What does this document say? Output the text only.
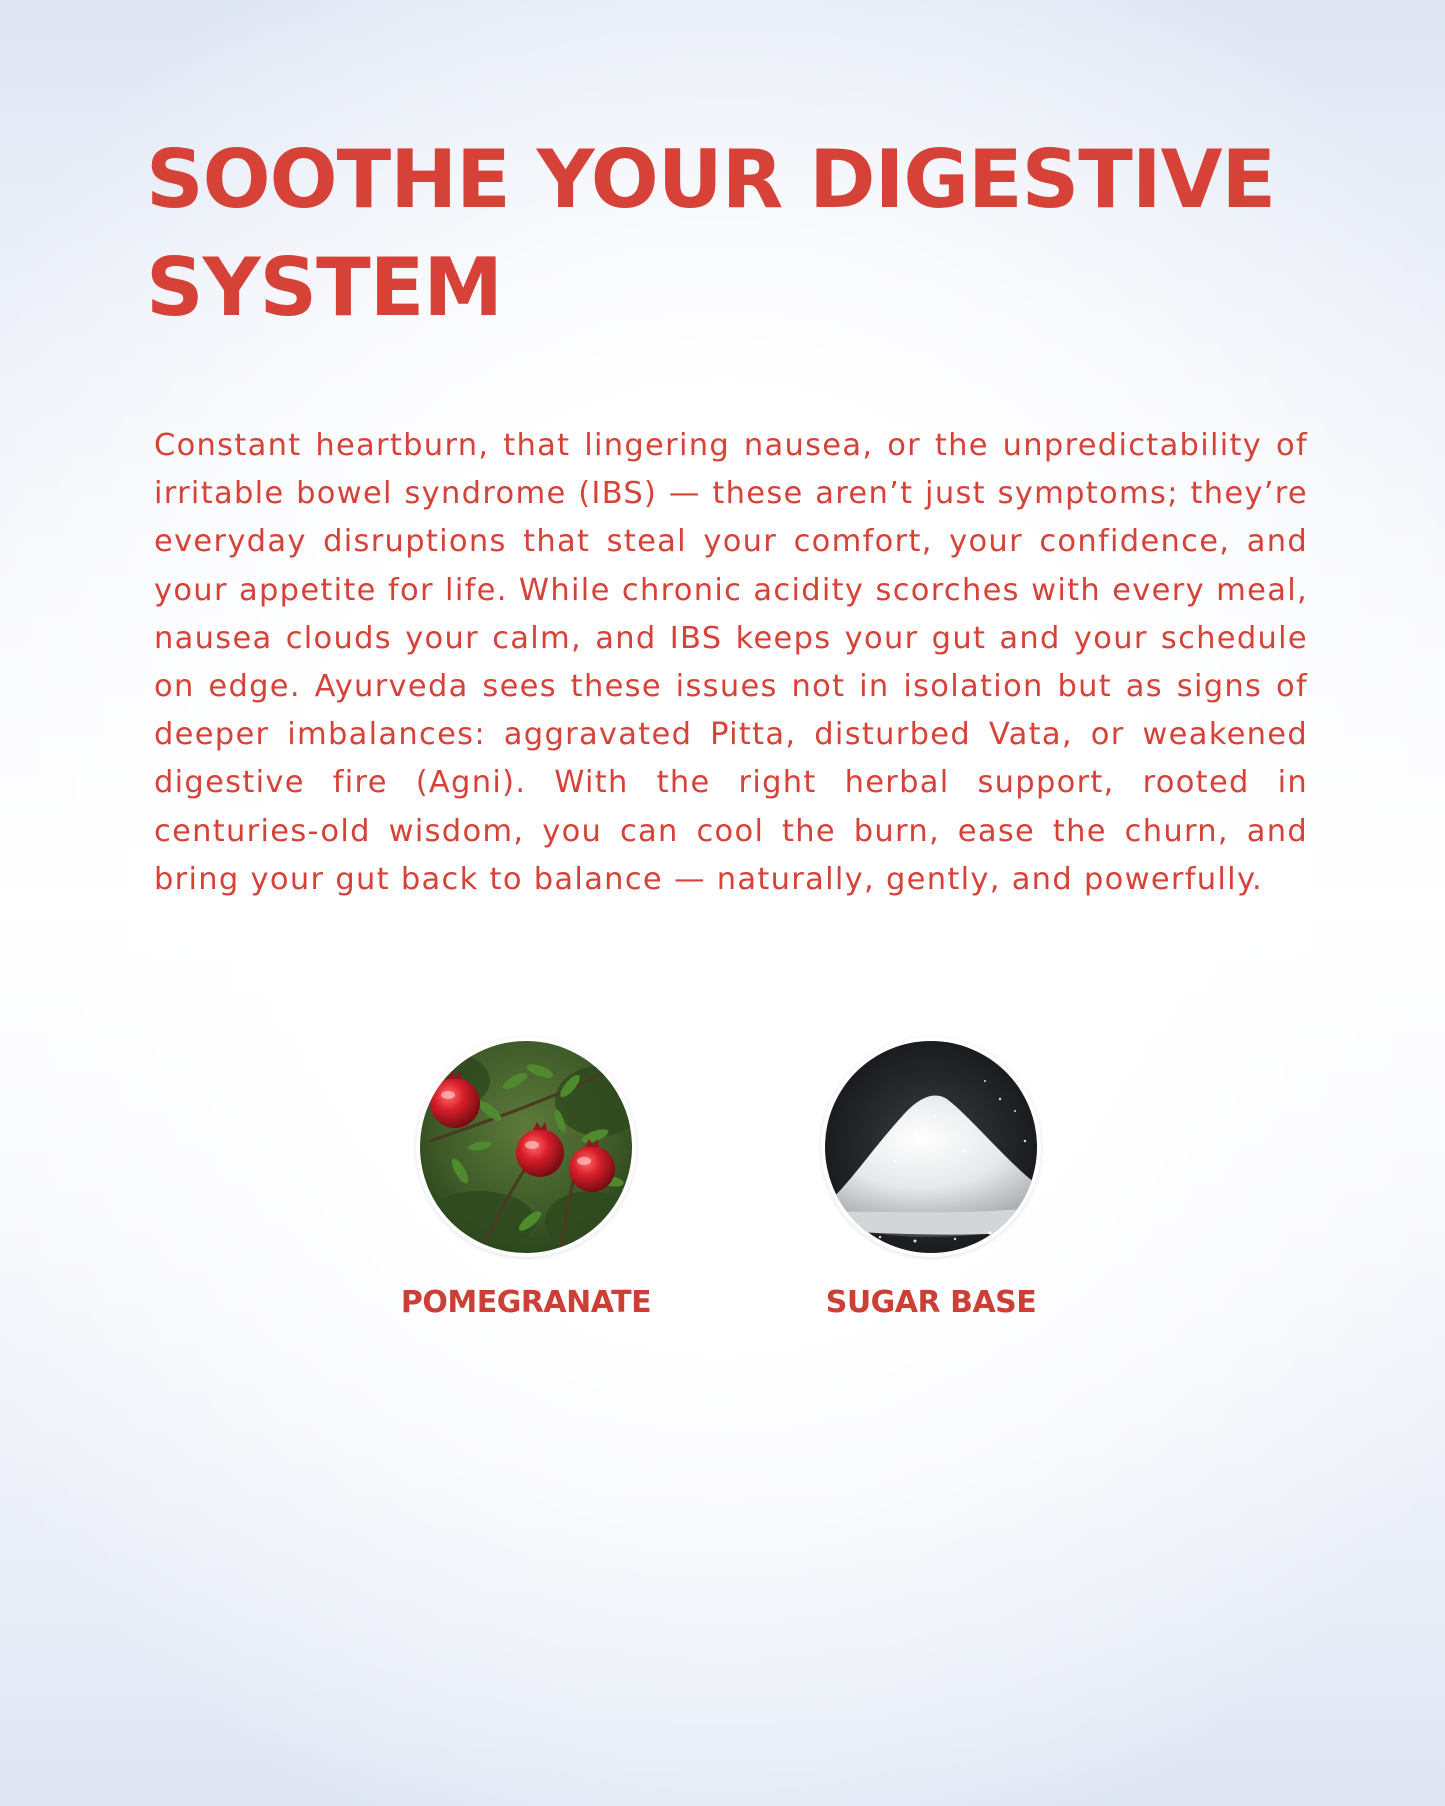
SOOTHE YOUR DIGESTIVE SYSTEM

Constant heartburn, that lingering nausea, or the unpredictability of irritable bowel syndrome (IBS) — these aren’t just symptoms; they’re everyday disruptions that steal your comfort, your confidence, and your appetite for life. While chronic acidity scorches with every meal, nausea clouds your calm, and IBS keeps your gut and your schedule on edge. Ayurveda sees these issues not in isolation but as signs of deeper imbalances: aggravated Pitta, disturbed Vata, or weakened digestive fire (Agni). With the right herbal support, rooted in centuries-old wisdom, you can cool the burn, ease the churn, and bring your gut back to balance — naturally, gently, and powerfully.

POMEGRANATE	SUGAR BASE
